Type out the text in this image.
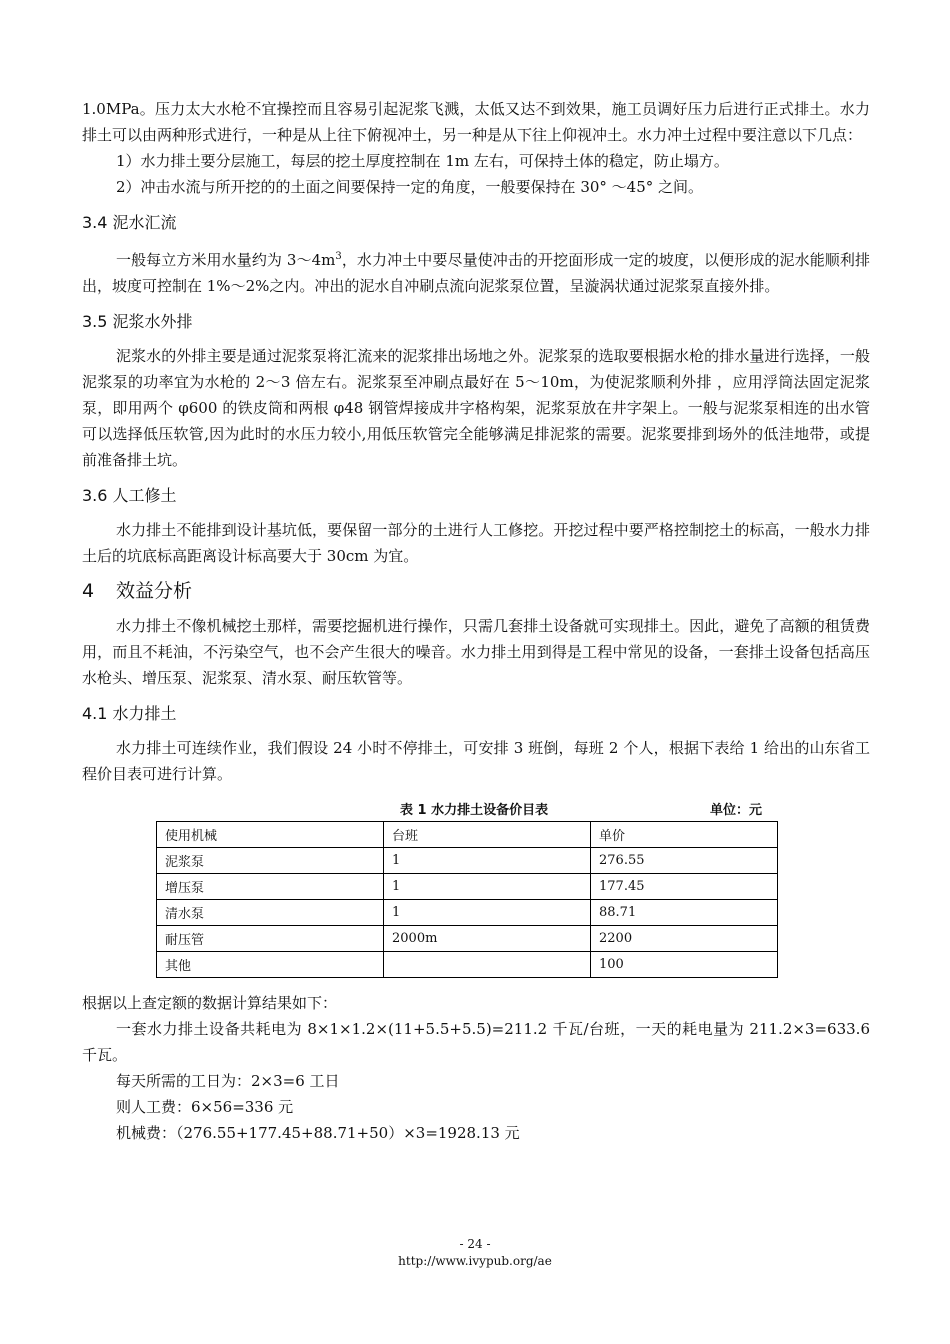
1.0MPa。压力太大水枪不宜操控而且容易引起泥浆飞溅，太低又达不到效果，施工员调好压力后进行正式排土。水力排土可以由两种形式进行，一种是从上往下俯视冲土，另一种是从下往上仰视冲土。水力冲土过程中要注意以下几点：

1）水力排土要分层施工，每层的挖土厚度控制在 1m 左右，可保持土体的稳定，防止塌方。
2）冲击水流与所开挖的的土面之间要保持一定的角度，一般要保持在 30° ～45° 之间。
3.4 泥水汇流

一般每立方米用水量约为 $3\sim 4m^3$，水力冲土中要尽量使冲击的开挖面形成一定的坡度，以便形成的泥水能顺利排出，坡度可控制在 1%～2%之内。冲出的泥水自冲刷点流向泥浆泵位置，呈漩涡状通过泥浆泵直接外排。

3.5 泥浆水外排

泥浆水的外排主要是通过泥浆泵将汇流来的泥浆排出场地之外。泥浆泵的选取要根据水枪的排水量进行选择，一般泥浆泵的功率宜为水枪的 2～3 倍左右。泥浆泵至冲刷点最好在 5～10m，为使泥浆顺利外排 ，应用浮筒法固定泥浆泵，即用两个 φ600 的铁皮筒和两根 φ48 钢管焊接成井字格构架，泥浆泵放在井字架上。一般与泥浆泵相连的出水管可以选择低压软管,因为此时的水压力较小,用低压软管完全能够满足排泥浆的需要。泥浆要排到场外的低洼地带，或提前准备排土坑。

3.6 人工修土

水力排土不能排到设计基坑低，要保留一部分的土进行人工修挖。开挖过程中要严格控制挖土的标高，一般水力排土后的坑底标高距离设计标高要大于 30cm 为宜。

4 效益分析

水力排土不像机械挖土那样，需要挖掘机进行操作，只需几套排土设备就可实现排土。因此，避免了高额的租赁费用，而且不耗油，不污染空气，也不会产生很大的噪音。水力排土用到得是工程中常见的设备，一套排土设备包括高压水枪头、增压泵、泥浆泵、清水泵、耐压软管等。

4.1 水力排土

水力排土可连续作业，我们假设 24 小时不停排土，可安排 3 班倒，每班 2 个人，根据下表给 1 给出的山东省工程价目表可进行计算。

表 1 水力排土设备价目表	单位：元
使用机械	台班	单价
泥浆泵	1	276.55
增压泵	1	177.45
清水泵	1	88.71
耐压管	2000m	2200
其他		100

根据以上查定额的数据计算结果如下：

一套水力排土设备共耗电为 8×1×1.2×(11+5.5+5.5)=211.2 千瓦/台班，一天的耗电量为 211.2×3=633.6 千瓦。

每天所需的工日为：2×3=6 工日

则人工费：6×56=336 元

机械费：（276.55+177.45+88.71+50）×3=1928.13 元

- 24 -
http://www.ivypub.org/ae
